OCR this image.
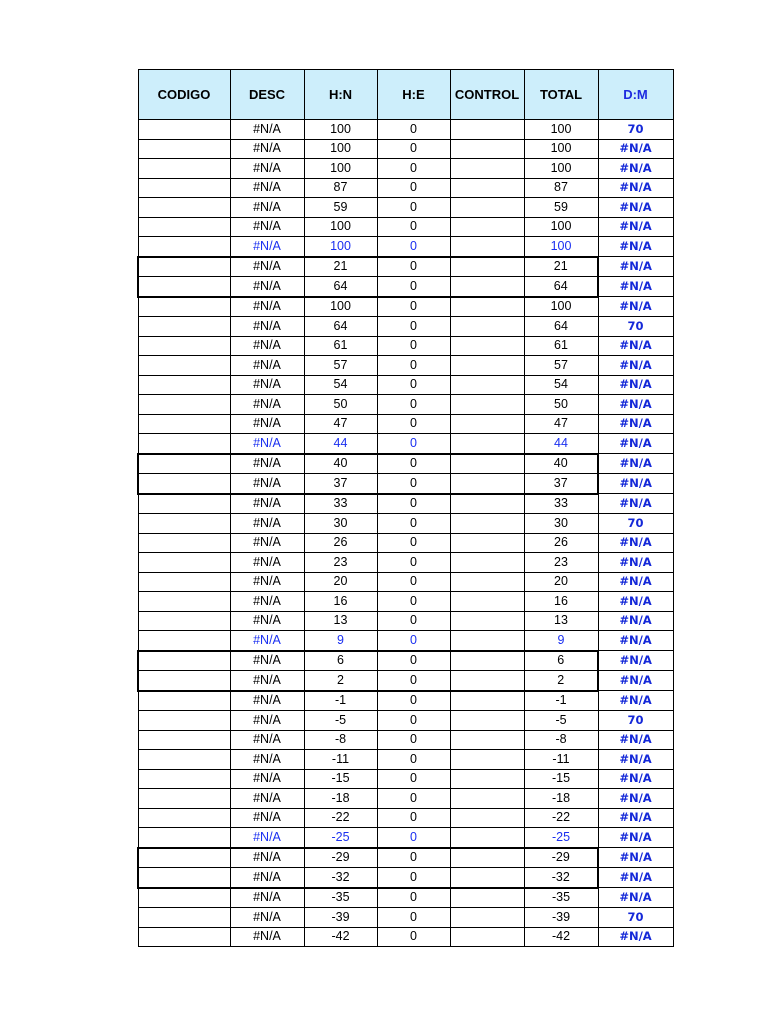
CODIGO	DESC	H:N	H:E	CONTROL	TOTAL	D:M
	#N/A	100	0		100	70
	#N/A	100	0		100	#N/A
	#N/A	100	0		100	#N/A
	#N/A	87	0		87	#N/A
	#N/A	59	0		59	#N/A
	#N/A	100	0		100	#N/A
	#N/A	100	0		100	#N/A
	#N/A	21	0		21	#N/A
	#N/A	64	0		64	#N/A
	#N/A	100	0		100	#N/A
	#N/A	64	0		64	70
	#N/A	61	0		61	#N/A
	#N/A	57	0		57	#N/A
	#N/A	54	0		54	#N/A
	#N/A	50	0		50	#N/A
	#N/A	47	0		47	#N/A
	#N/A	44	0		44	#N/A
	#N/A	40	0		40	#N/A
	#N/A	37	0		37	#N/A
	#N/A	33	0		33	#N/A
	#N/A	30	0		30	70
	#N/A	26	0		26	#N/A
	#N/A	23	0		23	#N/A
	#N/A	20	0		20	#N/A
	#N/A	16	0		16	#N/A
	#N/A	13	0		13	#N/A
	#N/A	9	0		9	#N/A
	#N/A	6	0		6	#N/A
	#N/A	2	0		2	#N/A
	#N/A	-1	0		-1	#N/A
	#N/A	-5	0		-5	70
	#N/A	-8	0		-8	#N/A
	#N/A	-11	0		-11	#N/A
	#N/A	-15	0		-15	#N/A
	#N/A	-18	0		-18	#N/A
	#N/A	-22	0		-22	#N/A
	#N/A	-25	0		-25	#N/A
	#N/A	-29	0		-29	#N/A
	#N/A	-32	0		-32	#N/A
	#N/A	-35	0		-35	#N/A
	#N/A	-39	0		-39	70
	#N/A	-42	0		-42	#N/A
